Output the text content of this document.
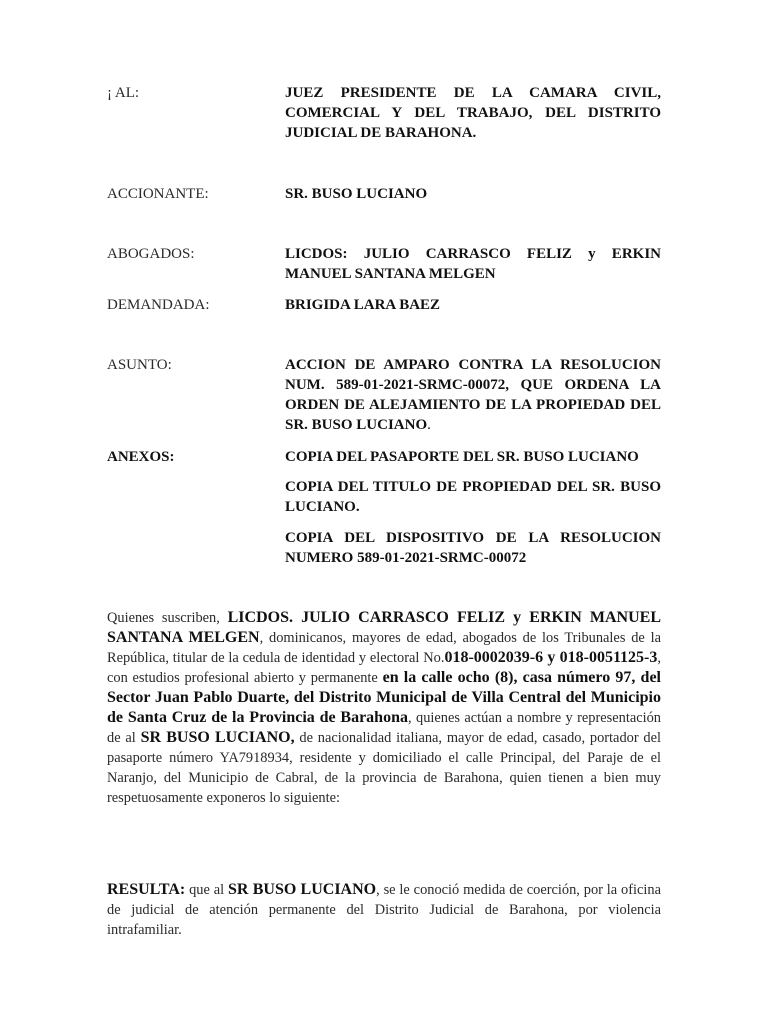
¡ AL:	JUEZ PRESIDENTE DE LA CAMARA CIVIL, COMERCIAL Y DEL TRABAJO, DEL DISTRITO JUDICIAL DE BARAHONA.
ACCIONANTE:	SR. BUSO LUCIANO
ABOGADOS:	LICDOS: JULIO CARRASCO FELIZ y ERKIN MANUEL SANTANA MELGEN
DEMANDADA:	BRIGIDA LARA BAEZ
ASUNTO:	ACCION DE AMPARO CONTRA LA RESOLUCION NUM. 589-01-2021-SRMC-00072, QUE ORDENA LA ORDEN DE ALEJAMIENTO DE LA PROPIEDAD DEL SR. BUSO LUCIANO.
ANEXOS:	COPIA DEL PASAPORTE DEL SR. BUSO LUCIANO
COPIA DEL TITULO DE PROPIEDAD DEL SR. BUSO LUCIANO.
COPIA DEL DISPOSITIVO DE LA RESOLUCION NUMERO 589-01-2021-SRMC-00072
Quienes suscriben, LICDOS. JULIO CARRASCO FELIZ y ERKIN MANUEL SANTANA MELGEN, dominicanos, mayores de edad, abogados de los Tribunales de la República, titular de la cedula de identidad y electoral No.018-0002039-6 y 018-0051125-3, con estudios profesional abierto y permanente en la calle ocho (8), casa número 97, del Sector Juan Pablo Duarte, del Distrito Municipal de Villa Central del Municipio de Santa Cruz de la Provincia de Barahona, quienes actúan a nombre y representación de al SR BUSO LUCIANO, de nacionalidad italiana, mayor de edad, casado, portador del pasaporte número YA7918934, residente y domiciliado el calle Principal, del Paraje de el Naranjo, del Municipio de Cabral, de la provincia de Barahona, quien tienen a bien muy respetuosamente exponeros lo siguiente:
RESULTA: que al SR BUSO LUCIANO, se le conoció medida de coerción, por la oficina de judicial de atención permanente del Distrito Judicial de Barahona, por violencia intrafamiliar.
